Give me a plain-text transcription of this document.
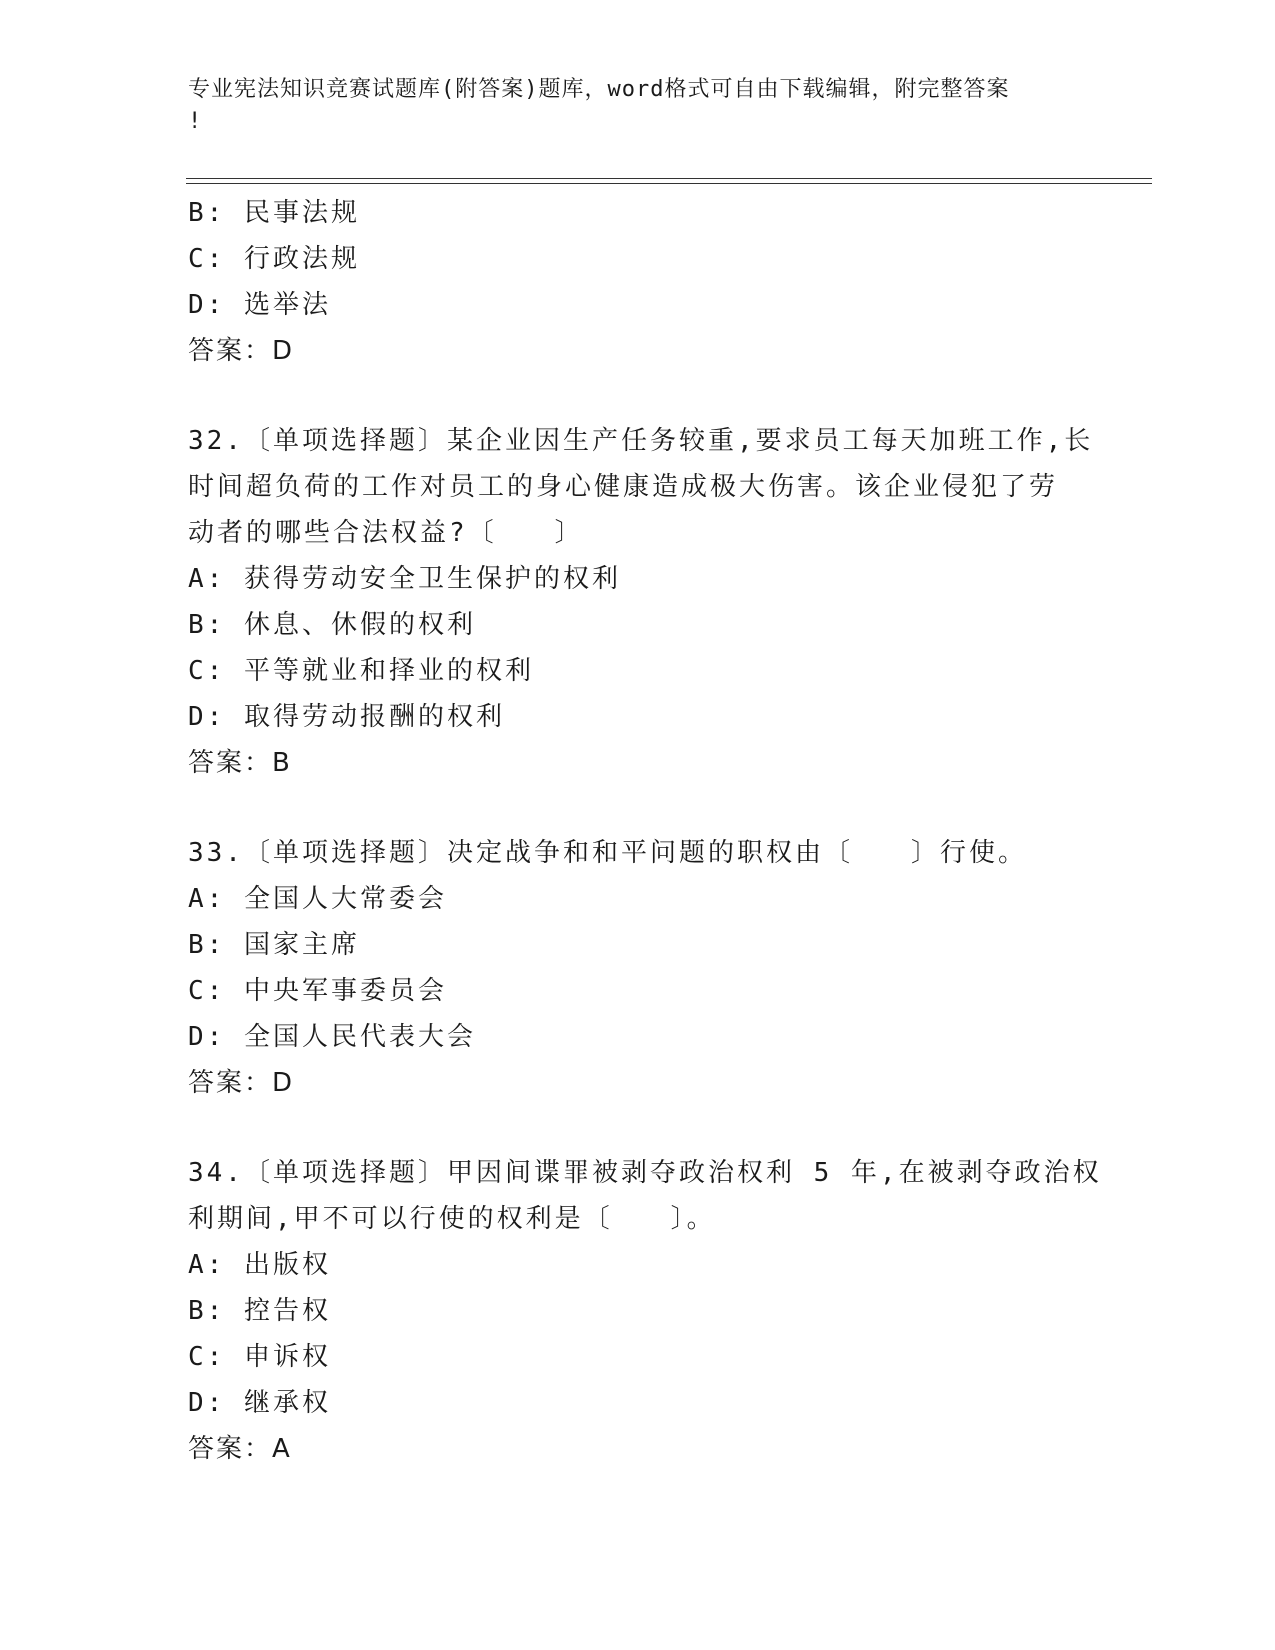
专业宪法知识竞赛试题库(附答案)题库，word格式可自由下载编辑，附完整答案
!
B: 民事法规
C: 行政法规
D: 选举法
答案：D
32.〔单项选择题〕某企业因生产任务较重,要求员工每天加班工作,长
时间超负荷的工作对员工的身心健康造成极大伤害。该企业侵犯了劳
动者的哪些合法权益?〔　　〕
A: 获得劳动安全卫生保护的权利
B: 休息、休假的权利
C: 平等就业和择业的权利
D: 取得劳动报酬的权利
答案：B
33.〔单项选择题〕决定战争和和平问题的职权由〔　　〕行使。
A: 全国人大常委会
B: 国家主席
C: 中央军事委员会
D: 全国人民代表大会
答案：D
34.〔单项选择题〕甲因间谍罪被剥夺政治权利 5 年,在被剥夺政治权
利期间,甲不可以行使的权利是〔　　〕。
A: 出版权
B: 控告权
C: 申诉权
D: 继承权
答案：A
